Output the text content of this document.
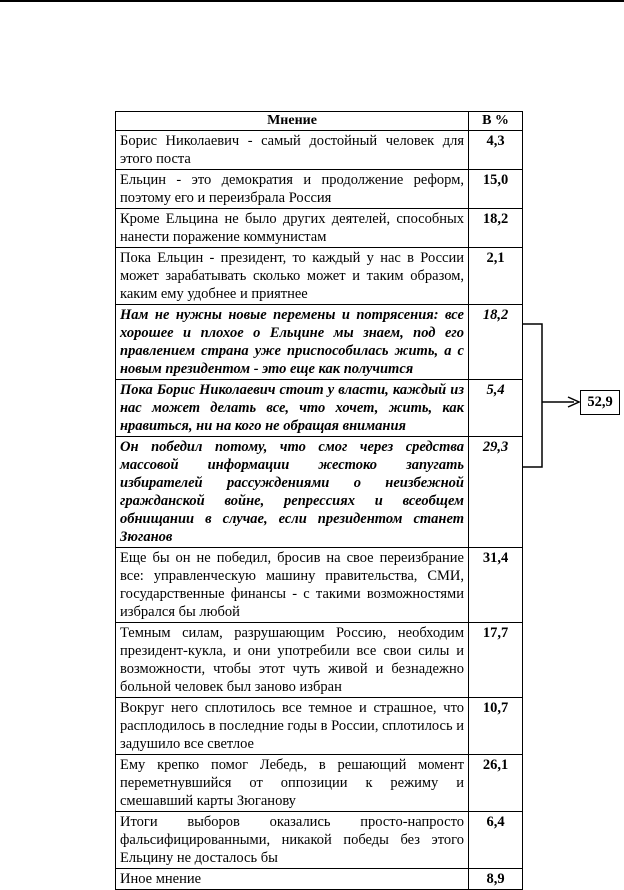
Мнение	В %
Борис Николаевич - самый достойный человек для этого поста	4,3
Ельцин - это демократия и продолжение реформ, поэтому его и переизбрала Россия	15,0
Кроме Ельцина не было других деятелей, способных нанести поражение коммунистам	18,2
Пока Ельцин - президент, то каждый у нас в России может зарабатывать сколько может и таким образом, каким ему удобнее и приятнее	2,1
Нам не нужны новые перемены и потрясения: все хорошее и плохое о Ельцине мы знаем, под его правлением страна уже приспособилась жить, а с новым президентом - это еще как получится	18,2
Пока Борис Николаевич стоит у власти, каждый из нас может делать все, что хочет, жить, как нравиться, ни на кого не обращая внимания	5,4
Он победил потому, что смог через средства массовой информации жестоко запугать избирателей рассуждениями о неизбежной гражданской войне, репрессиях и всеобщем обнищании в случае, если президентом станет Зюганов	29,3
Еще бы он не победил, бросив на свое переизбрание все: управленческую машину правительства, СМИ, государственные финансы - с такими возможностями избрался бы любой	31,4
Темным силам, разрушающим Россию, необходим президент-кукла, и они употребили все свои силы и возможности, чтобы этот чуть живой и безнадежно больной человек был заново избран	17,7
Вокруг него сплотилось все темное и страшное, что расплодилось в последние годы в России, сплотилось и задушило все светлое	10,7
Ему крепко помог Лебедь, в решающий момент переметнувшийся от оппозиции к режиму и смешавший карты Зюганову	26,1
Итоги выборов оказались просто-напросто фальсифицированными, никакой победы без этого Ельцину не досталось бы	6,4
Иное мнение	8,9
52,9
